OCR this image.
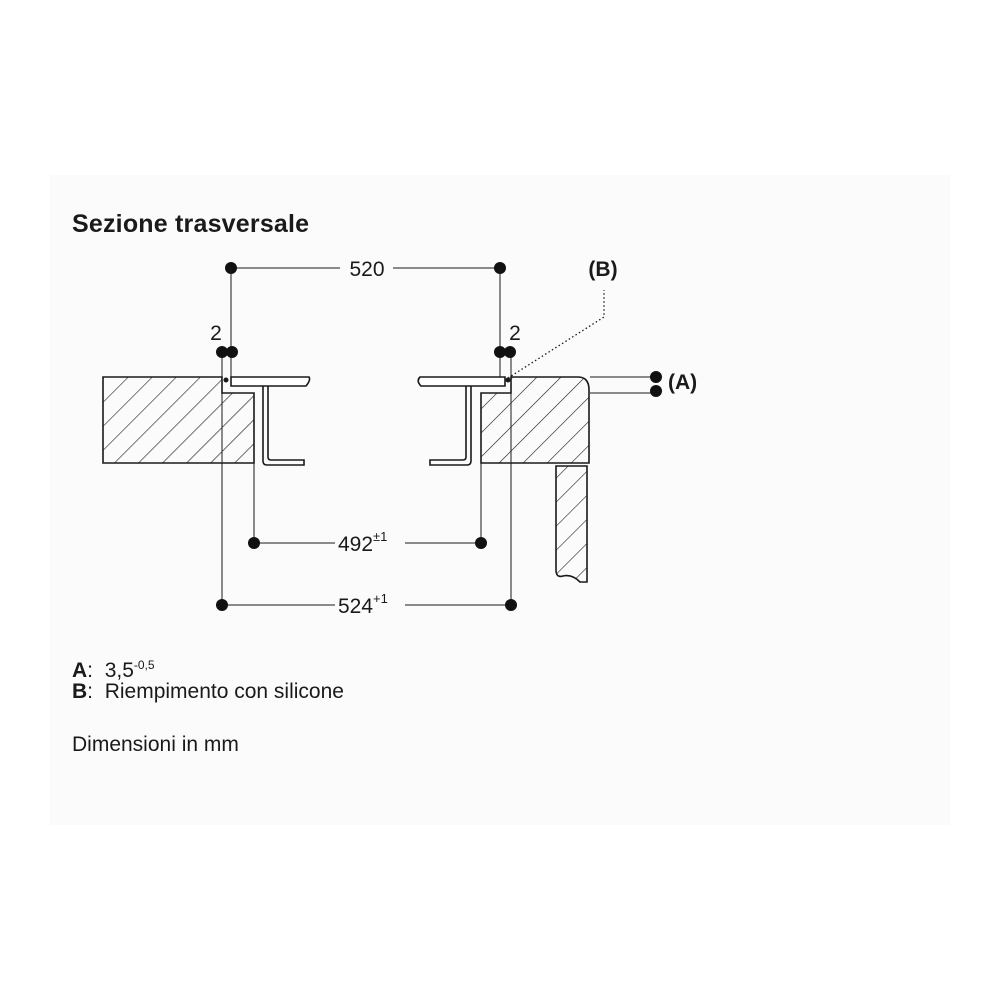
Sezione trasversale
520
2	2
(B)
(A)
$492^{\pm 1}$
$524^{+1}$
A:  $3,5^{-0,5}$
B:  Riempimento con silicone
Dimensioni in mm
